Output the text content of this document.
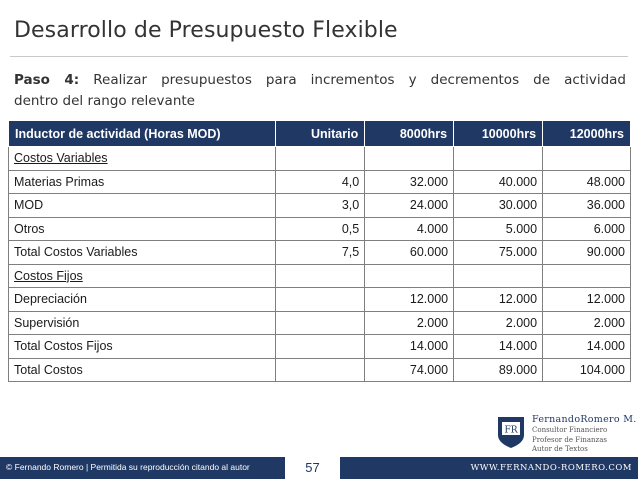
Desarrollo de Presupuesto Flexible
Paso 4: Realizar presupuestos para incrementos y decrementos de actividad
dentro del rango relevante
Inductor de actividad (Horas MOD)	Unitario	8000hrs	10000hrs	12000hrs
Costos Variables				
Materias Primas	4,0	32.000	40.000	48.000
MOD	3,0	24.000	30.000	36.000
Otros	0,5	4.000	5.000	6.000
Total Costos Variables	7,5	60.000	75.000	90.000
Costos Fijos				
Depreciación		12.000	12.000	12.000
Supervisión		2.000	2.000	2.000
Total Costos Fijos		14.000	14.000	14.000
Total Costos		74.000	89.000	104.000
FR
FernandoRomero M.
Consultor Financiero
Profesor de Finanzas
Autor de Textos
© Fernando Romero | Permitida su reproducción citando al autor	57	WWW.FERNANDO-ROMERO.COM
